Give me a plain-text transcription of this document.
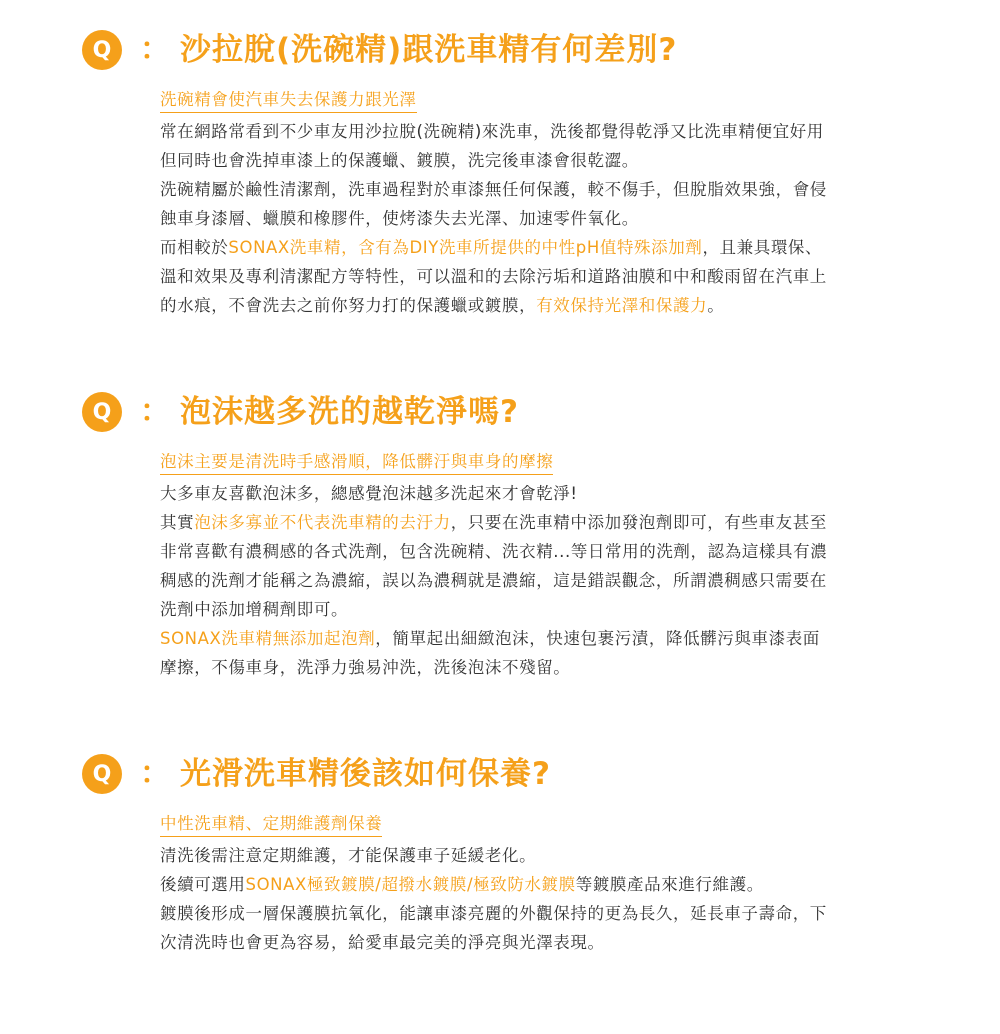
Q ： 沙拉脫(洗碗精)跟洗車精有何差別?
洗碗精會使汽車失去保護力跟光澤
常在網路常看到不少車友用沙拉脫(洗碗精)來洗車，洗後都覺得乾淨又比洗車精便宜好用
但同時也會洗掉車漆上的保護蠟、鍍膜，洗完後車漆會很乾澀。
洗碗精屬於鹼性清潔劑，洗車過程對於車漆無任何保護，較不傷手，但脫脂效果強，會侵
蝕車身漆層、蠟膜和橡膠件，使烤漆失去光澤、加速零件氧化。
而相較於SONAX洗車精，含有為DIY洗車所提供的中性pH值特殊添加劑，且兼具環保、
溫和效果及專利清潔配方等特性，可以溫和的去除污垢和道路油膜和中和酸雨留在汽車上
的水痕，不會洗去之前你努力打的保護蠟或鍍膜，有效保持光澤和保護力。
Q ： 泡沫越多洗的越乾淨嗎?
泡沫主要是清洗時手感滑順，降低髒汙與車身的摩擦
大多車友喜歡泡沫多，總感覺泡沫越多洗起來才會乾淨!
其實泡沫多寡並不代表洗車精的去汙力，只要在洗車精中添加發泡劑即可，有些車友甚至
非常喜歡有濃稠感的各式洗劑，包含洗碗精、洗衣精...等日常用的洗劑，認為這樣具有濃
稠感的洗劑才能稱之為濃縮，誤以為濃稠就是濃縮，這是錯誤觀念，所謂濃稠感只需要在
洗劑中添加增稠劑即可。
SONAX洗車精無添加起泡劑，簡單起出細緻泡沫，快速包裹污漬，降低髒污與車漆表面
摩擦，不傷車身，洗淨力強易沖洗，洗後泡沫不殘留。
Q ： 光滑洗車精後該如何保養?
中性洗車精、定期維護劑保養
清洗後需注意定期維護，才能保護車子延緩老化。
後續可選用SONAX極致鍍膜/超撥水鍍膜/極致防水鍍膜等鍍膜產品來進行維護。
鍍膜後形成一層保護膜抗氧化，能讓車漆亮麗的外觀保持的更為長久，延長車子壽命，下
次清洗時也會更為容易，給愛車最完美的淨亮與光澤表現。
